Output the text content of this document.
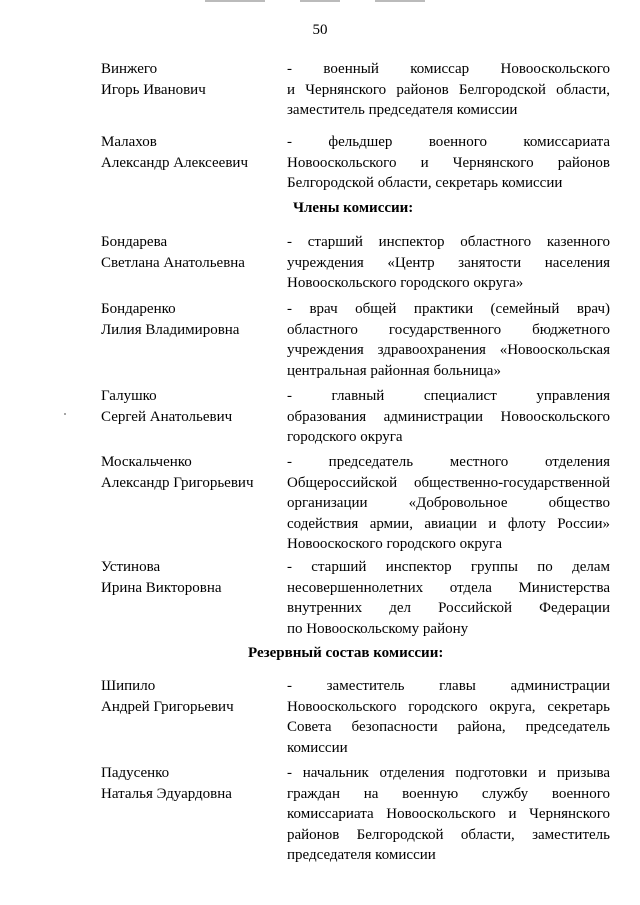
50
Винжего
Игорь Иванович
- военный комиссар Новооскольского
и Чернянского районов Белгородской области,
заместитель председателя комиссии
Малахов
Александр Алексеевич
- фельдшер военного комиссариата
Новооскольского и Чернянского районов
Белгородской области, секретарь комиссии
Члены комиссии:
Бондарева
Светлана Анатольевна
- старший инспектор областного казенного
учреждения «Центр занятости населения
Новооскольского городского округа»
Бондаренко
Лилия Владимировна
- врач общей практики (семейный врач)
областного государственного бюджетного
учреждения здравоохранения «Новооскольская
центральная районная больница»
Галушко
Сергей Анатольевич
- главный специалист управления
образования администрации Новооскольского
городского округа
Москальченко
Александр Григорьевич
- председатель местного отделения
Общероссийской общественно-государственной
организации «Добровольное общество
содействия армии, авиации и флоту России»
Новооскоского городского округа
Устинова
Ирина Викторовна
- старший инспектор группы по делам
несовершеннолетних отдела Министерства
внутренних дел Российской Федерации
по Новооскольскому району
Резервный состав комиссии:
Шипило
Андрей Григорьевич
- заместитель главы администрации
Новооскольского городского округа, секретарь
Совета безопасности района, председатель
комиссии
Падусенко
Наталья Эдуардовна
- начальник отделения подготовки и призыва
граждан на военную службу военного
комиссариата Новооскольского и Чернянского
районов Белгородской области, заместитель
председателя комиссии
